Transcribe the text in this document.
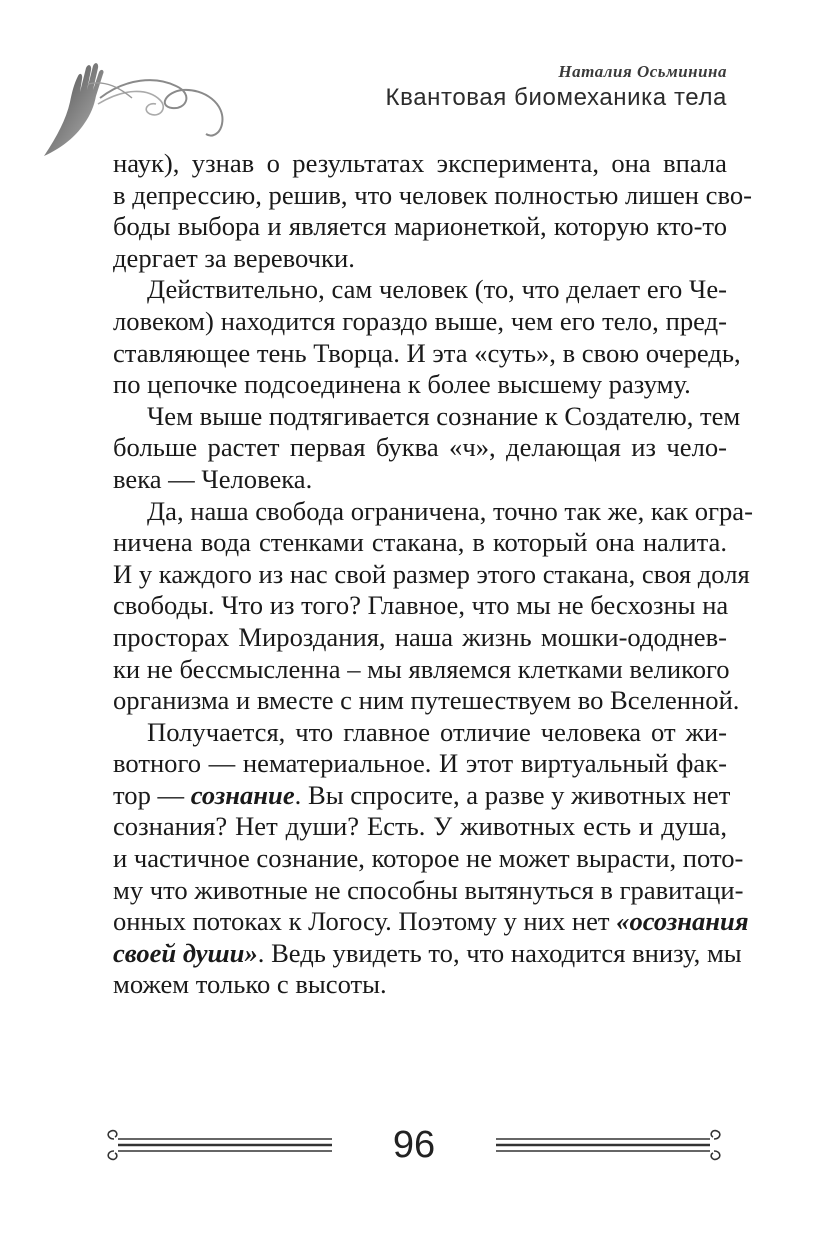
Наталия Осьминина
Квантовая биомеханика тела
наук), узнав о результатах эксперимента, она впала
в депрессию, решив, что человек полностью лишен сво-
боды выбора и является марионеткой, которую кто-то
дергает за веревочки.
Действительно, сам человек (то, что делает его Че-
ловеком) находится гораздо выше, чем его тело, пред-
ставляющее тень Творца. И эта «суть», в свою очередь,
по цепочке подсоединена к более высшему разуму.
Чем выше подтягивается сознание к Создателю, тем
больше растет первая буква «ч», делающая из чело-
века — Человека.
Да, наша свобода ограничена, точно так же, как огра-
ничена вода стенками стакана, в который она налита.
И у каждого из нас свой размер этого стакана, своя доля
свободы. Что из того? Главное, что мы не бесхозны на
просторах Мироздания, наша жизнь мошки-ододнев-
ки не бессмысленна – мы являемся клетками великого
организма и вместе с ним путешествуем во Вселенной.
Получается, что главное отличие человека от жи-
вотного — нематериальное. И этот виртуальный фак-
тор — сознание. Вы спросите, а разве у животных нет
сознания? Нет души? Есть. У животных есть и душа,
и частичное сознание, которое не может вырасти, пото-
му что животные не способны вытянуться в гравитаци-
онных потоках к Логосу. Поэтому у них нет «осознания
своей души». Ведь увидеть то, что находится внизу, мы
можем только с высоты.
96
